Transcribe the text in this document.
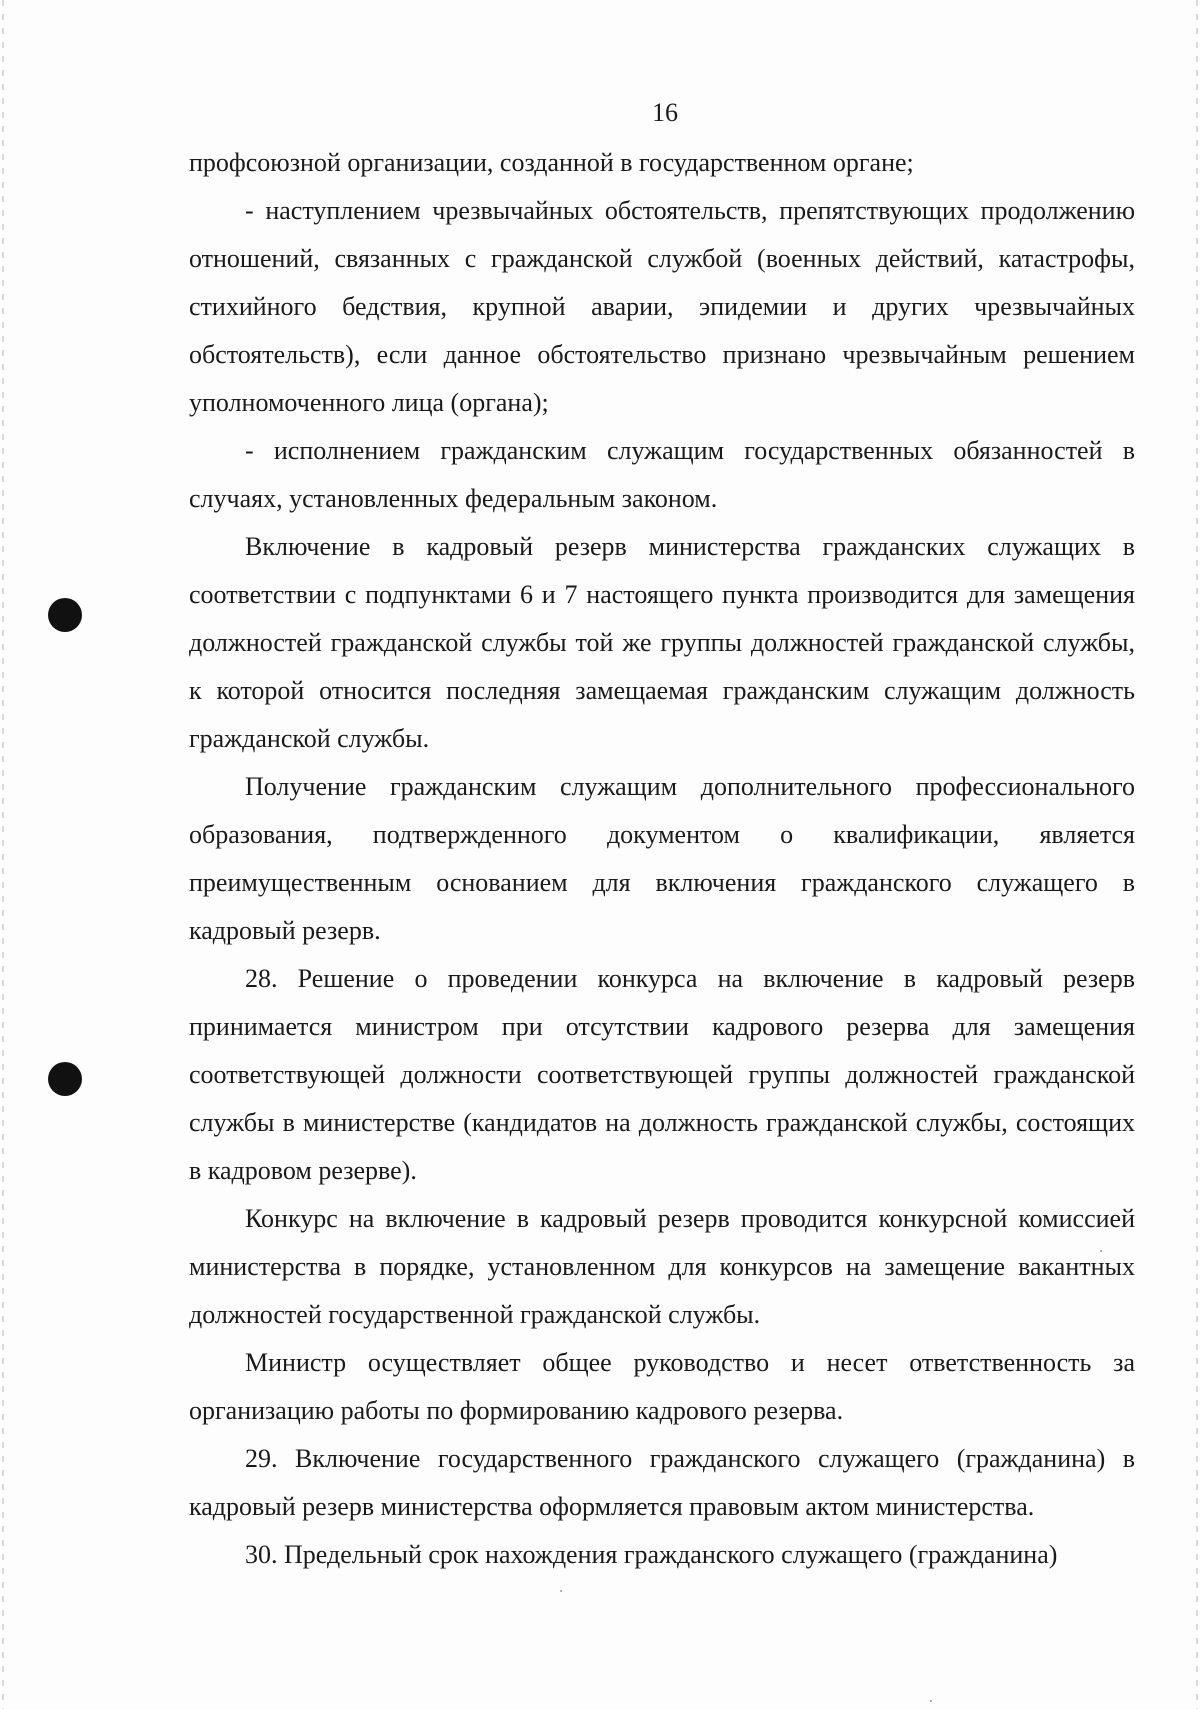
16

профсоюзной организации, созданной в государственном органе;

- наступлением чрезвычайных обстоятельств, препятствующих продолжению отношений, связанных с гражданской службой (военных действий, катастрофы, стихийного бедствия, крупной аварии, эпидемии и других чрезвычайных обстоятельств), если данное обстоятельство признано чрезвычайным решением уполномоченного лица (органа);

- исполнением гражданским служащим государственных обязанностей в случаях, установленных федеральным законом.

Включение в кадровый резерв министерства гражданских служащих в соответствии с подпунктами 6 и 7 настоящего пункта производится для замещения должностей гражданской службы той же группы должностей гражданской службы, к которой относится последняя замещаемая гражданским служащим должность гражданской службы.

Получение гражданским служащим дополнительного профессионального образования, подтвержденного документом о квалификации, является преимущественным основанием для включения гражданского служащего в кадровый резерв.

28. Решение о проведении конкурса на включение в кадровый резерв принимается министром при отсутствии кадрового резерва для замещения соответствующей должности соответствующей группы должностей гражданской службы в министерстве (кандидатов на должность гражданской службы, состоящих в кадровом резерве).

Конкурс на включение в кадровый резерв проводится конкурсной комиссией министерства в порядке, установленном для конкурсов на замещение вакантных должностей государственной гражданской службы.

Министр осуществляет общее руководство и несет ответственность за организацию работы по формированию кадрового резерва.

29. Включение государственного гражданского служащего (гражданина) в кадровый резерв министерства оформляется правовым актом министерства.

30. Предельный срок нахождения гражданского служащего (гражданина)
